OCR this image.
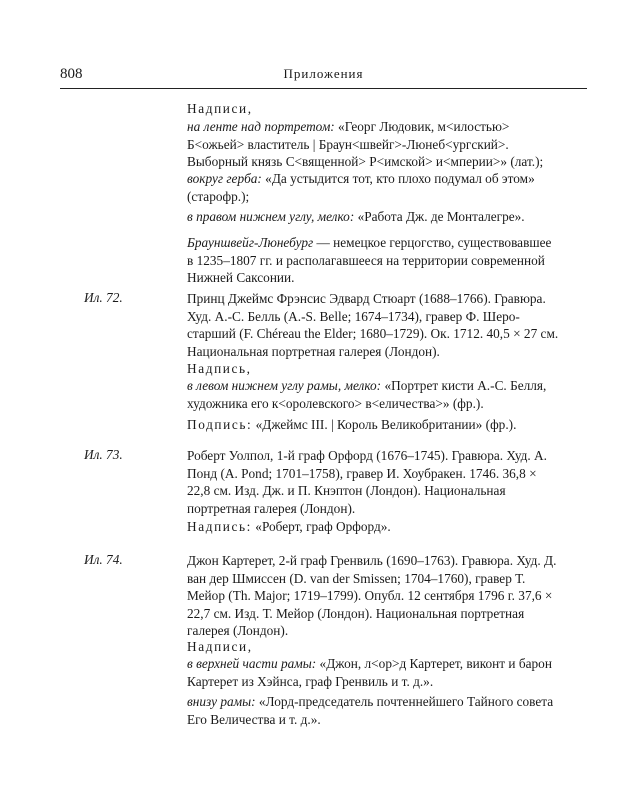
808	Приложения
Надписи,

на ленте над портретом: «Георг Людовик, м<илостью> Б<ожьей> властитель | Браун<швейг>-Люнеб<ургский>. Выборный князь С<вященной> Р<имской> и<мперии>» (лат.);

вокруг герба: «Да устыдится тот, кто плохо подумал об этом» (старофр.);

в правом нижнем углу, мелко: «Работа Дж. де Монталегре».

Брауншвейг-Люнебург — немецкое герцогство, существовавшее в 1235–1807 гг. и располагавшееся на территории современной Нижней Саксонии.

Ил. 72.	Принц Джеймс Фрэнсис Эдвард Стюарт (1688–1766). Гравюра. Худ. А.-С. Белль (A.-S. Belle; 1674–1734), гравер Ф. Шеро-старший (F. Chéreau the Elder; 1680–1729). Ок. 1712. 40,5 × 27 см. Национальная портретная галерея (Лондон).

Надпись,

в левом нижнем углу рамы, мелко: «Портрет кисти А.-С. Белля, художника его к<оролевского> в<еличества>» (фр.).

Подпись: «Джеймс III. | Король Великобритании» (фр.).

Ил. 73.	Роберт Уолпол, 1-й граф Орфорд (1676–1745). Гравюра. Худ. А. Понд (A. Pond; 1701–1758), гравер И. Хоубракен. 1746. 36,8 × 22,8 см. Изд. Дж. и П. Кнэптон (Лондон). Национальная портретная галерея (Лондон).

Надпись: «Роберт, граф Орфорд».

Ил. 74.	Джон Картерет, 2-й граф Гренвиль (1690–1763). Гравюра. Худ. Д. ван дер Шмиссен (D. van der Smissen; 1704–1760), гравер Т. Мейор (Th. Major; 1719–1799). Опубл. 12 сентября 1796 г. 37,6 × 22,7 см. Изд. Т. Мейор (Лондон). Национальная портретная галерея (Лондон).

Надписи,

в верхней части рамы: «Джон, л<ор>д Картерет, виконт и барон Картерет из Хэйнса, граф Гренвиль и т. д.».

внизу рамы: «Лорд-председатель почтеннейшего Тайного совета Его Величества и т. д.».
